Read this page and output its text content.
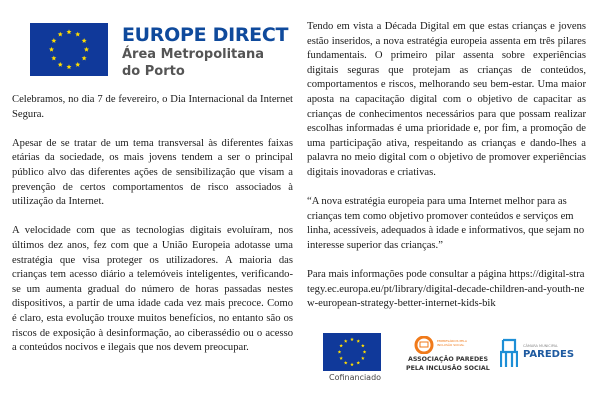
EUROPE DIRECT
Área Metropolitana
do Porto

Celebramos, no dia 7 de fevereiro, o Dia Internacional da Internet Segura.

Apesar de se tratar de um tema transversal às diferentes faixas etárias da sociedade, os mais jovens tendem a ser o principal público alvo das diferentes ações de sensibilização que visam a prevenção de certos comportamentos de risco associados à utilização da Internet.

A velocidade com que as tecnologias digitais evoluíram, nos últimos dez anos, fez com que a União Europeia adotasse uma estratégia que visa proteger os utilizadores. A maioria das crianças tem acesso diário a telemóveis inteligentes, verificando-se um aumenta gradual do número de horas passadas nestes dispositivos, a partir de uma idade cada vez mais precoce. Como é claro, esta evolução trouxe muitos benefícios, no entanto são os riscos de exposição à desinformação, ao ciberassédio ou o acesso a conteúdos nocivos e ilegais que nos devem preocupar.

Tendo em vista a Década Digital em que estas crianças e jovens estão inseridos, a nova estratégia europeia assenta em três pilares fundamentais. O primeiro pilar assenta sobre experiências digitais seguras que protejam as crianças de conteúdos, comportamentos e riscos, melhorando seu bem-estar. Uma maior aposta na capacitação digital com o objetivo de capacitar as crianças de conhecimentos necessários para que possam realizar escolhas informadas é uma prioridade e, por fim, a promoção de uma participação ativa, respeitando as crianças e dando-lhes a palavra no meio digital com o objetivo de promover experiências digitais inovadoras e criativas.

“A nova estratégia europeia para uma Internet melhor para as crianças tem como objetivo promover conteúdos e serviços em linha, acessíveis, adequados à idade e informativos, que sejam no interesse superior das crianças.”

Para mais informações pode consultar a página https://digital-strategy.ec.europa.eu/pt/library/digital-decade-children-and-youth-new-european-strategy-better-internet-kids-bik

Cofinanciado
EMPRESÁRIOS PELA INCLUSÃO SOCIAL
ASSOCIAÇÃO PAREDES
PELA INCLUSÃO SOCIAL
CÂMARA MUNICIPAL
PAREDES
